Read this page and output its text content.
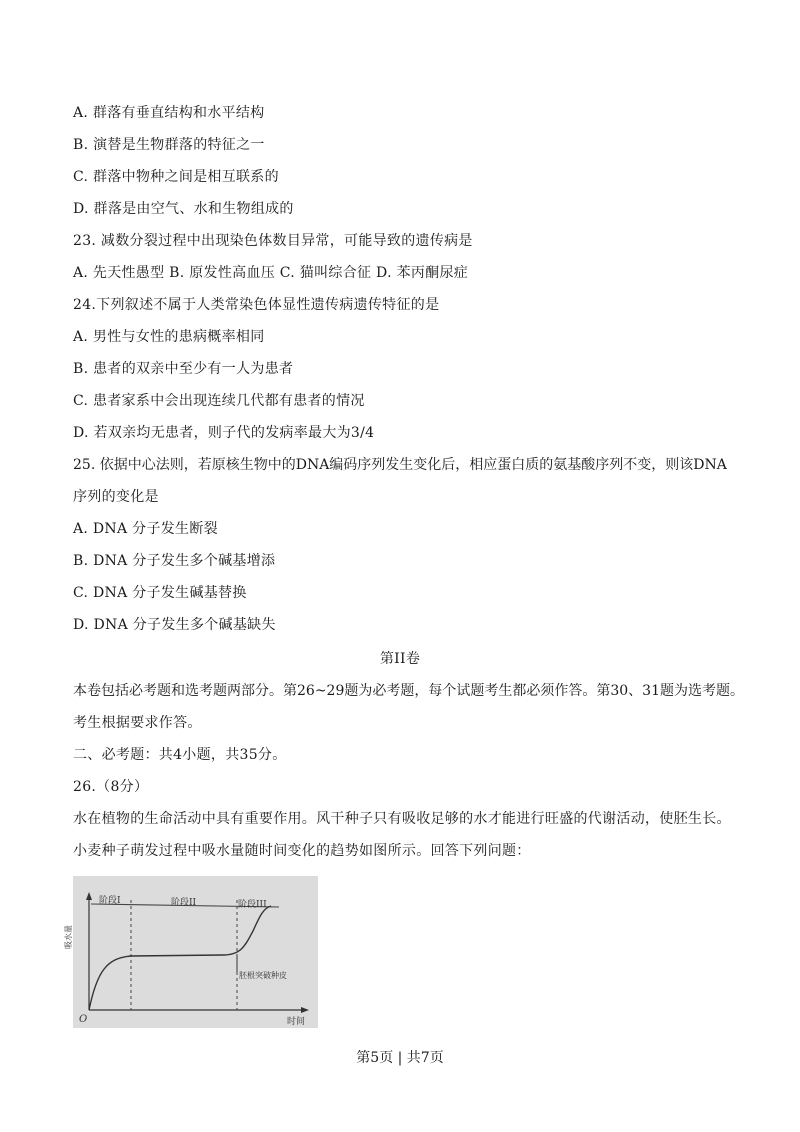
A. 群落有垂直结构和水平结构
B. 演替是生物群落的特征之一
C. 群落中物种之间是相互联系的
D. 群落是由空气、水和生物组成的
23. 减数分裂过程中出现染色体数目异常，可能导致的遗传病是
A. 先天性愚型 B. 原发性高血压 C. 猫叫综合征 D. 苯丙酮尿症
24.下列叙述不属于人类常染色体显性遗传病遗传特征的是
A. 男性与女性的患病概率相同
B. 患者的双亲中至少有一人为患者
C. 患者家系中会出现连续几代都有患者的情况
D. 若双亲均无患者，则子代的发病率最大为3/4
25. 依据中心法则，若原核生物中的DNA编码序列发生变化后，相应蛋白质的氨基酸序列不变，则该DNA
序列的变化是
A. DNA 分子发生断裂
B. DNA 分子发生多个碱基增添
C. DNA 分子发生碱基替换
D. DNA 分子发生多个碱基缺失
第II卷
本卷包括必考题和选考题两部分。第26~29题为必考题，每个试题考生都必须作答。第30、31题为选考题。
考生根据要求作答。
二、必考题：共4小题，共35分。
26.（8分）
水在植物的生命活动中具有重要作用。风干种子只有吸收足够的水才能进行旺盛的代谢活动，使胚生长。
小麦种子萌发过程中吸水量随时间变化的趋势如图所示。回答下列问题：
阶段I	阶段II	阶段III
胚根突破种皮
O	时间
吸水量
第5页 | 共7页
